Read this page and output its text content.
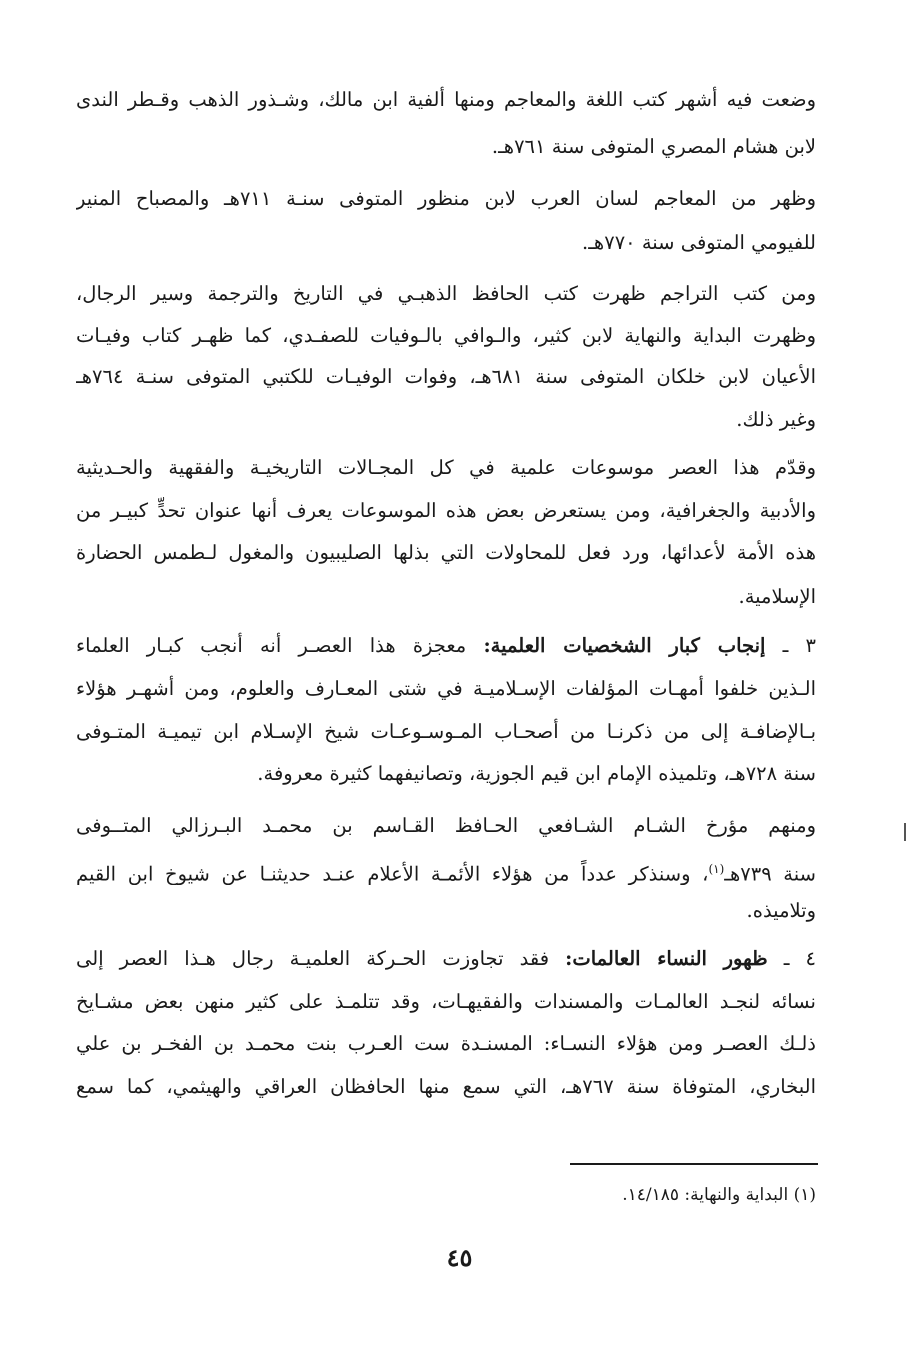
وضعت فيه أشهر كتب اللغة والمعاجم ومنها ألفية ابن مالك، وشـذور الذهب وقـطر الندى
لابن هشام المصري المتوفى سنة ٧٦١هـ.
وظهر من المعاجم لسان العرب لابن منظور المتوفى سنـة ٧١١هـ والمصباح المنير
للفيومي المتوفى سنة ٧٧٠هـ.
ومن كتب التراجم ظهرت كتب الحافظ الذهبـي في التاريخ والترجمة وسير الرجال،
وظهرت البداية والنهاية لابن كثير، والـوافي بالـوفيات للصفـدي، كما ظهـر كتاب وفيـات
الأعيان لابن خلكان المتوفى سنة ٦٨١هـ، وفوات الوفيـات للكتبي المتوفى سنـة ٧٦٤هـ
وغير ذلك.
وقدّم هذا العصر موسوعات علمية في كل المجـالات التاريخيـة والفقهية والحـديثية
والأدبية والجغرافية، ومن يستعرض بعض هذه الموسوعات يعرف أنها عنوان تحدٍّ كبيـر من
هذه الأمة لأعدائها، ورد فعل للمحاولات التي بذلها الصليبيون والمغول لـطمس الحضارة
الإسلامية.
٣ ـ إنجاب كبار الشخصيات العلمية: معجزة هذا العصـر أنه أنجب كبـار العلماء
الـذين خلفوا أمهـات المؤلفات الإسـلاميـة في شتى المعـارف والعلوم، ومن أشهـر هؤلاء
بـالإضافـة إلى من ذكرنـا من أصحـاب المـوسـوعـات شيخ الإسـلام ابن تيميـة المتـوفى
سنة ٧٢٨هـ، وتلميذه الإمام ابن قيم الجوزية، وتصانيفهما كثيرة معروفة.
ومنهم مؤرخ الشـام الشـافعي الحـافظ القـاسم بن محمـد البـرزالي المتــوفى
سنة ٧٣٩هـ$^{(١)}$، وسنذكر عدداً من هؤلاء الأئمـة الأعلام عنـد حديثنـا عن شيوخ ابن القيم
وتلاميذه.
٤ ـ ظهور النساء العالمات: فقد تجاوزت الحـركة العلميـة رجال هـذا العصر إلى
نسائه لنجـد العالمـات والمسندات والفقيهـات، وقد تتلمـذ على كثير منهن بعض مشـايخ
ذلـك العصـر ومن هؤلاء النسـاء: المسنـدة ست العـرب بنت محمـد بن الفخـر بن علي
البخاري، المتوفاة سنة ٧٦٧هـ، التي سمع منها الحافظان العراقي والهيثمي، كما سمع
(١) البداية والنهاية: ١٤/١٨٥.
٤٥
